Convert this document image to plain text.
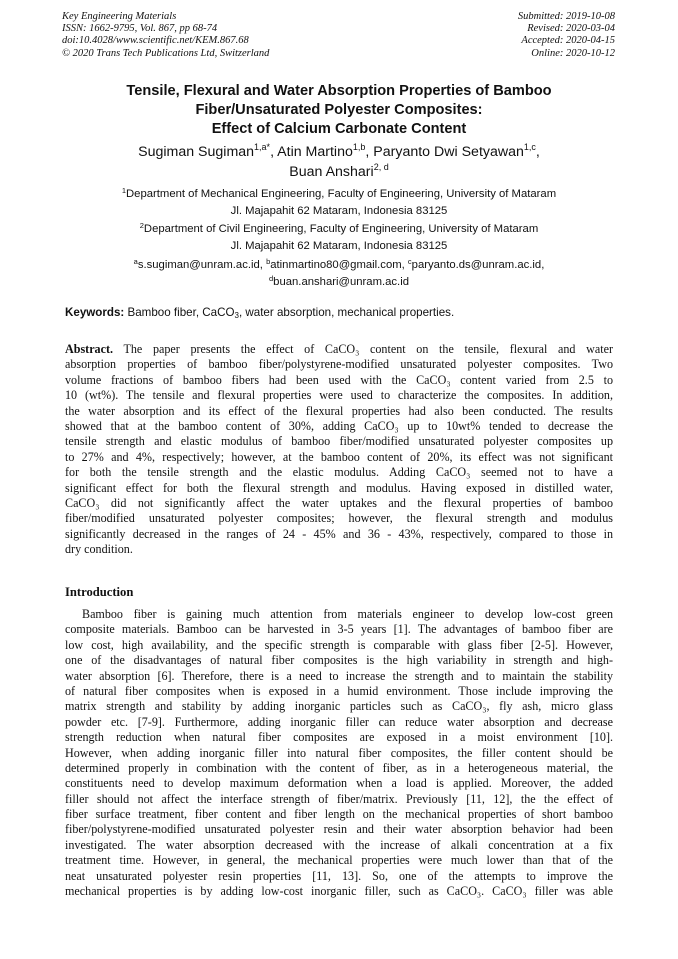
Key Engineering Materials
ISSN: 1662-9795, Vol. 867, pp 68-74
doi:10.4028/www.scientific.net/KEM.867.68
© 2020 Trans Tech Publications Ltd, Switzerland
Submitted: 2019-10-08
Revised: 2020-03-04
Accepted: 2020-04-15
Online: 2020-10-12
Tensile, Flexural and Water Absorption Properties of Bamboo
Fiber/Unsaturated Polyester Composites:
Effect of Calcium Carbonate Content
Sugiman Sugiman$^{1,a*}$, Atin Martino$^{1,b}$, Paryanto Dwi Setyawan$^{1,c}$,
Buan Anshari$^{2, d}$
$^1$Department of Mechanical Engineering, Faculty of Engineering, University of Mataram
Jl. Majapahit 62 Mataram, Indonesia 83125
$^2$Department of Civil Engineering, Faculty of Engineering, University of Mataram
Jl. Majapahit 62 Mataram, Indonesia 83125
$^a$s.sugiman@unram.ac.id, $^b$atinmartino80@gmail.com, $^c$paryanto.ds@unram.ac.id,
$^d$buan.anshari@unram.ac.id
Keywords: Bamboo fiber, CaCO$_3$, water absorption, mechanical properties.
Abstract. The paper presents the effect of CaCO₃ content on the tensile, flexural and water
absorption properties of bamboo fiber/polystyrene-modified unsaturated polyester composites. Two
volume fractions of bamboo fibers had been used with the CaCO₃ content varied from 2.5 to
10 (wt%). The tensile and flexural properties were used to characterize the composites. In addition,
the water absorption and its effect of the flexural properties had also been conducted. The results
showed that at the bamboo content of 30%, adding CaCO₃ up to 10wt% tended to decrease the
tensile strength and elastic modulus of bamboo fiber/modified unsaturated polyester composites up
to 27% and 4%, respectively; however, at the bamboo content of 20%, its effect was not significant
for both the tensile strength and the elastic modulus. Adding CaCO₃ seemed not to have a
significant effect for both the flexural strength and modulus. Having exposed in distilled water,
CaCO₃ did not significantly affect the water uptakes and the flexural properties of bamboo
fiber/modified unsaturated polyester composites; however, the flexural strength and modulus
significantly decreased in the ranges of 24 - 45% and 36 - 43%, respectively, compared to those in
dry condition.
Introduction
Bamboo fiber is gaining much attention from materials engineer to develop low-cost green
composite materials. Bamboo can be harvested in 3-5 years [1]. The advantages of bamboo fiber are
low cost, high availability, and the specific strength is comparable with glass fiber [2-5]. However,
one of the disadvantages of natural fiber composites is the high variability in strength and high-
water absorption [6]. Therefore, there is a need to increase the strength and to maintain the stability
of natural fiber composites when is exposed in a humid environment. Those include improving the
matrix strength and stability by adding inorganic particles such as CaCO₃, fly ash, micro glass
powder etc. [7-9]. Furthermore, adding inorganic filler can reduce water absorption and decrease
strength reduction when natural fiber composites are exposed in a moist environment [10].
However, when adding inorganic filler into natural fiber composites, the filler content should be
determined properly in combination with the content of fiber, as in a heterogeneous material, the
constituents need to develop maximum deformation when a load is applied. Moreover, the added
filler should not affect the interface strength of fiber/matrix. Previously [11, 12], the the effect of
fiber surface treatment, fiber content and fiber length on the mechanical properties of short bamboo
fiber/polystyrene-modified unsaturated polyester resin and their water absorption behavior had been
investigated. The water absorption decreased with the increase of alkali concentration at a fix
treatment time. However, in general, the mechanical properties were much lower than that of the
neat unsaturated polyester resin properties [11, 13]. So, one of the attempts to improve the
mechanical properties is by adding low-cost inorganic filler, such as CaCO₃. CaCO₃ filler was able
